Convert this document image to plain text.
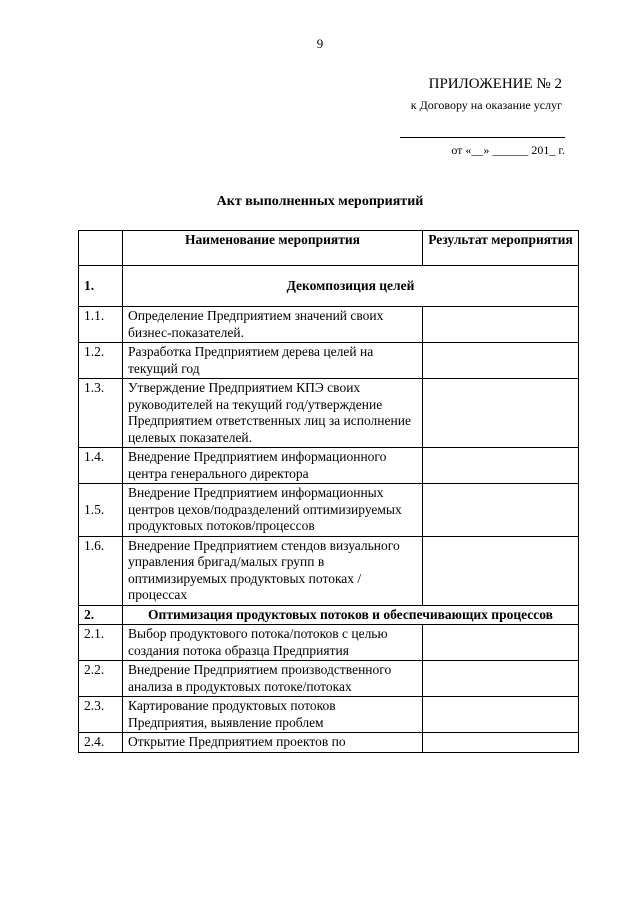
9
ПРИЛОЖЕНИЕ № 2
к Договору на оказание услуг
от «__» ______ 201_ г.
Акт выполненных мероприятий
	Наименование мероприятия	Результат мероприятия
1.	Декомпозиция целей	
1.1.	Определение Предприятием значений своих бизнес-показателей.	
1.2.	Разработка Предприятием дерева целей на текущий год	
1.3.	Утверждение Предприятием КПЭ своих руководителей на текущий год/утверждение Предприятием ответственных лиц за исполнение целевых показателей.	
1.4.	Внедрение Предприятием информационного центра генерального директора	
1.5.	Внедрение Предприятием информационных центров цехов/подразделений оптимизируемых продуктовых потоков/процессов	
1.6.	Внедрение Предприятием стендов визуального управления бригад/малых групп в оптимизируемых продуктовых потоках / процессах	
2.	Оптимизация продуктовых потоков и обеспечивающих процессов	
2.1.	Выбор продуктового потока/потоков с целью создания потока образца Предприятия	
2.2.	Внедрение Предприятием производственного анализа в продуктовых потоке/потоках	
2.3.	Картирование продуктовых потоков Предприятия, выявление проблем	
2.4.	Открытие Предприятием проектов по	
